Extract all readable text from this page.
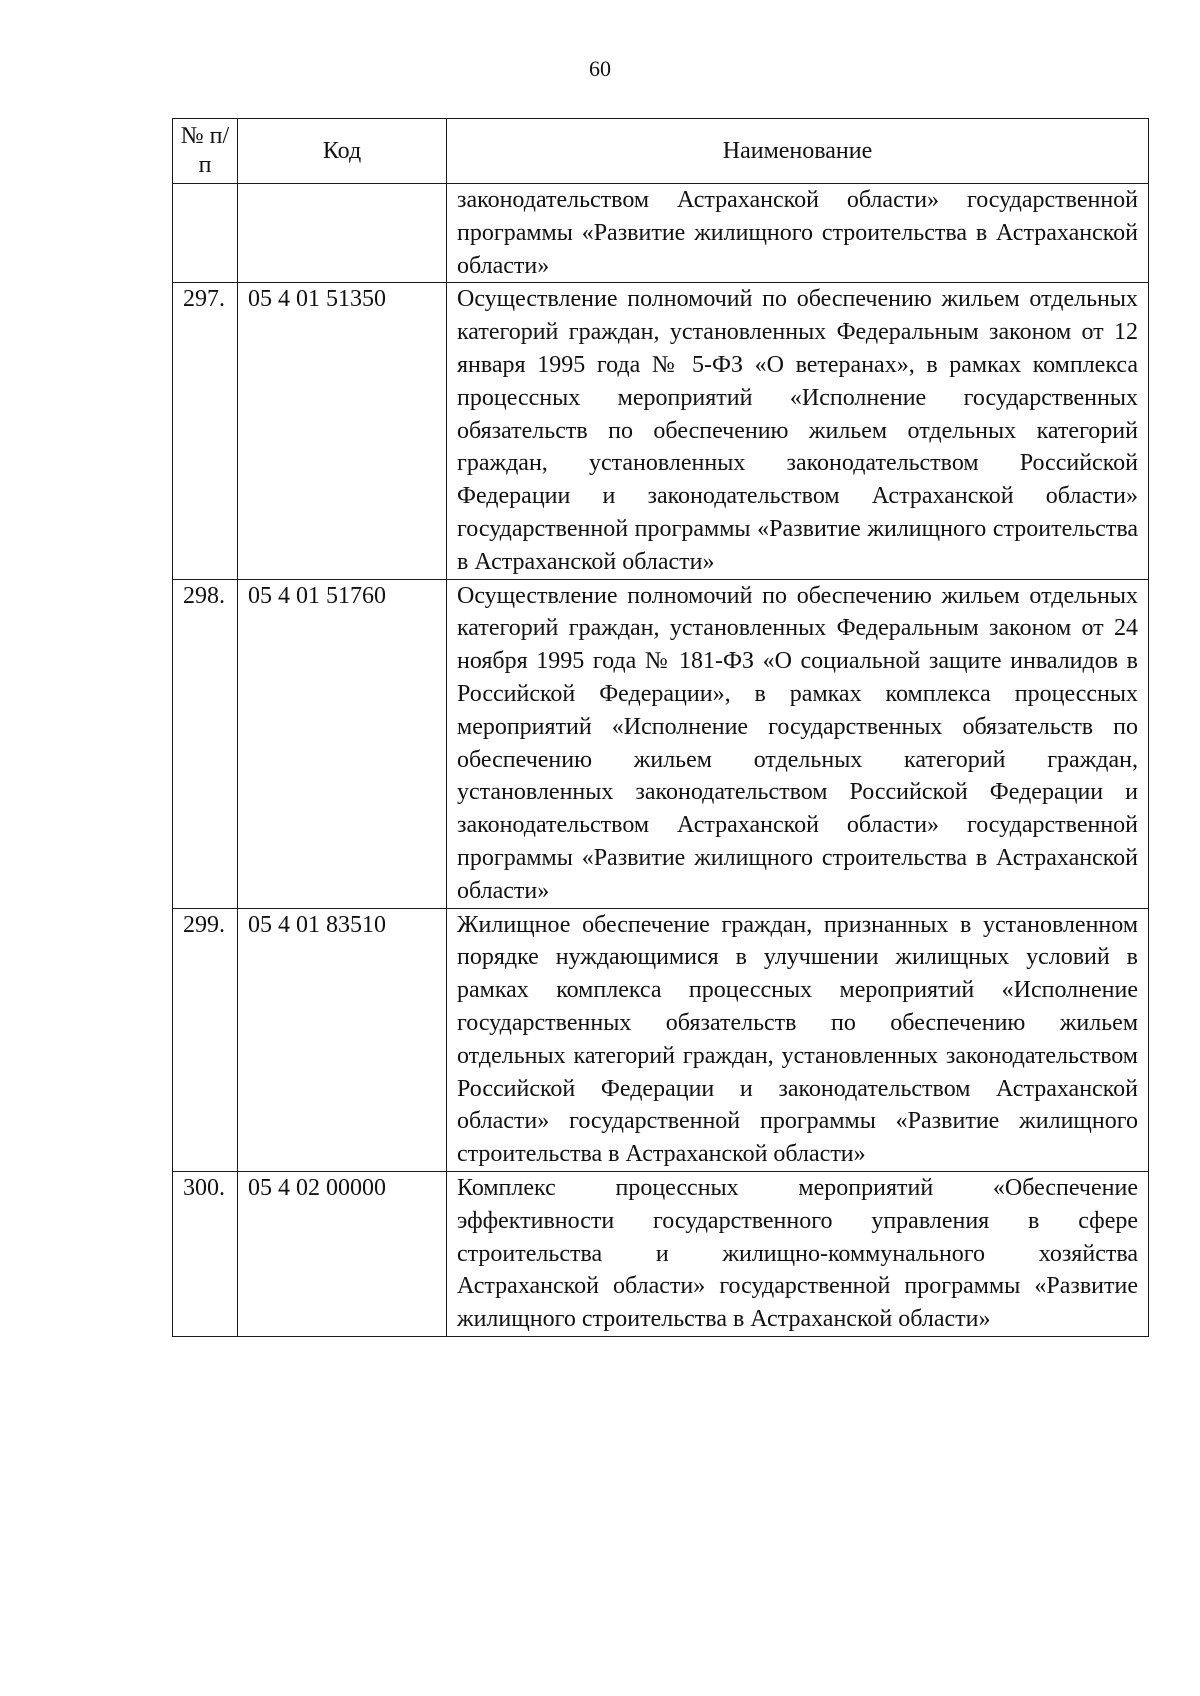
60
№ п/п	Код	Наименование
		законодательством Астраханской области» государственной программы «Развитие жилищного строительства в Астраханской области»
297.	05 4 01 51350	Осуществление полномочий по обеспечению жильем отдельных категорий граждан, установленных Федеральным законом от 12 января 1995 года № 5-ФЗ «О ветеранах», в рамках комплекса процессных мероприятий «Исполнение государственных обязательств по обеспечению жильем отдельных категорий граждан, установленных законодательством Российской Федерации и законодательством Астраханской области» государственной программы «Развитие жилищного строительства в Астраханской области»
298.	05 4 01 51760	Осуществление полномочий по обеспечению жильем отдельных категорий граждан, установленных Федеральным законом от 24 ноября 1995 года № 181-ФЗ «О социальной защите инвалидов в Российской Федерации», в рамках комплекса процессных мероприятий «Исполнение государственных обязательств по обеспечению жильем отдельных категорий граждан, установленных законодательством Российской Федерации и законодательством Астраханской области» государственной программы «Развитие жилищного строительства в Астраханской области»
299.	05 4 01 83510	Жилищное обеспечение граждан, признанных в установленном порядке нуждающимися в улучшении жилищных условий в рамках комплекса процессных мероприятий «Исполнение государственных обязательств по обеспечению жильем отдельных категорий граждан, установленных законодательством Российской Федерации и законодательством Астраханской области» государственной программы «Развитие жилищного строительства в Астраханской области»
300.	05 4 02 00000	Комплекс процессных мероприятий «Обеспечение эффективности государственного управления в сфере строительства и жилищно-коммунального хозяйства Астраханской области» государственной программы «Развитие жилищного строительства в Астраханской области»
